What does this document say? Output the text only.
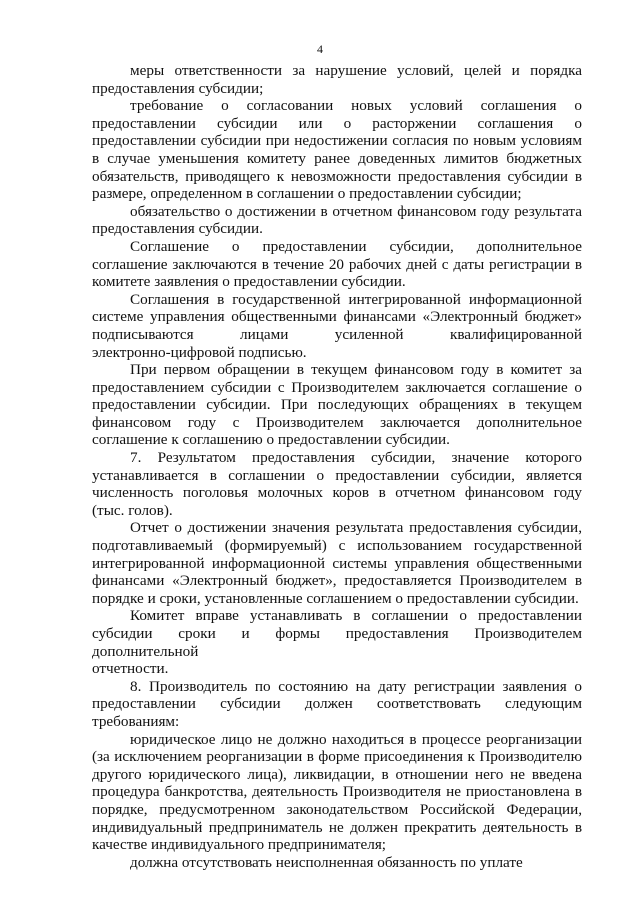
4
меры ответственности за нарушение условий, целей и порядка
предоставления субсидии;
требование о согласовании новых условий соглашения о
предоставлении субсидии или о расторжении соглашения о
предоставлении субсидии при недостижении согласия по новым условиям
в случае уменьшения комитету ранее доведенных лимитов бюджетных
обязательств, приводящего к невозможности предоставления субсидии в
размере, определенном в соглашении о предоставлении субсидии;
обязательство о достижении в отчетном финансовом году результата
предоставления субсидии.
Соглашение о предоставлении субсидии, дополнительное
соглашение заключаются в течение 20 рабочих дней с даты регистрации в
комитете заявления о предоставлении субсидии.
Соглашения в государственной интегрированной информационной
системе управления общественными финансами «Электронный бюджет»
подписываются лицами усиленной квалифицированной
электронно-цифровой подписью.
При первом обращении в текущем финансовом году в комитет за
предоставлением субсидии с Производителем заключается соглашение о
предоставлении субсидии. При последующих обращениях в текущем
финансовом году с Производителем заключается дополнительное
соглашение к соглашению о предоставлении субсидии.
7. Результатом предоставления субсидии, значение которого
устанавливается в соглашении о предоставлении субсидии, является
численность поголовья молочных коров в отчетном финансовом году
(тыс. голов).
Отчет о достижении значения результата предоставления субсидии,
подготавливаемый (формируемый) с использованием государственной
интегрированной информационной системы управления общественными
финансами «Электронный бюджет», предоставляется Производителем в
порядке и сроки, установленные соглашением о предоставлении субсидии.
Комитет вправе устанавливать в соглашении о предоставлении
субсидии сроки и формы предоставления Производителем дополнительной
отчетности.
8. Производитель по состоянию на дату регистрации заявления о
предоставлении субсидии должен соответствовать следующим
требованиям:
юридическое лицо не должно находиться в процессе реорганизации
(за исключением реорганизации в форме присоединения к Производителю
другого юридического лица), ликвидации, в отношении него не введена
процедура банкротства, деятельность Производителя не приостановлена в
порядке, предусмотренном законодательством Российской Федерации,
индивидуальный предприниматель не должен прекратить деятельность в
качестве индивидуального предпринимателя;
должна отсутствовать неисполненная обязанность по уплате
